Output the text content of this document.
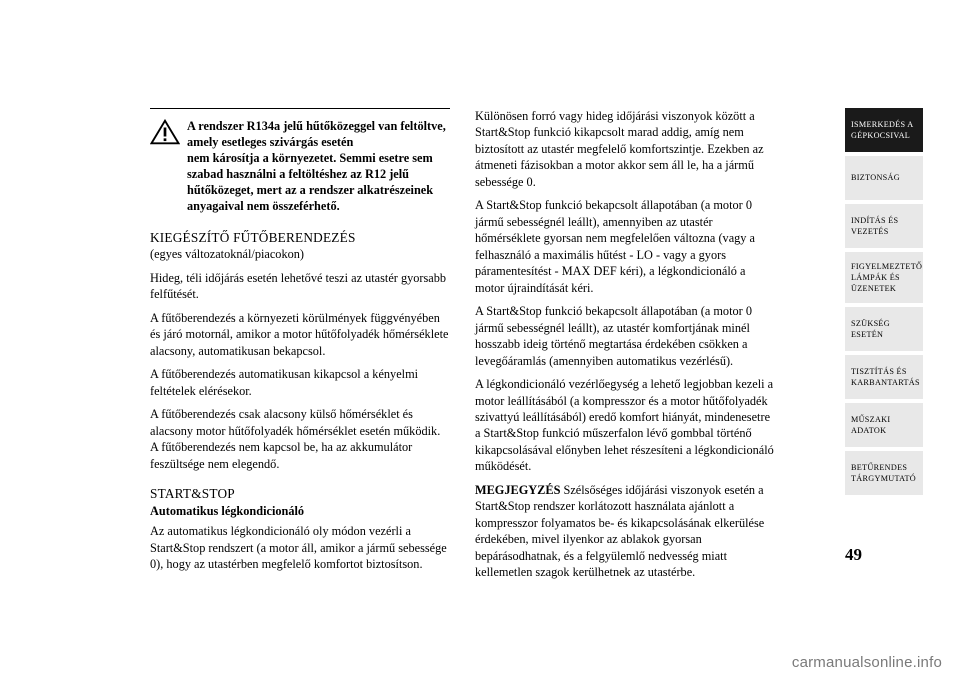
A rendszer R134a jelű hűtőközeggel van feltöltve, amely esetleges szivárgás esetén
nem károsítja a környezetet. Semmi esetre sem szabad használni a feltöltéshez az R12 jelű hűtőközeget, mert az a rendszer alkatrészeinek anyagaival nem összeférhető.
KIEGÉSZÍTŐ FŰTŐBERENDEZÉS

(egyes változatoknál/piacokon)

Hideg, téli időjárás esetén lehetővé teszi az utastér gyorsabb felfűtését.

A fűtőberendezés a környezeti körülmények függvényében és járó motornál, amikor a motor hűtőfolyadék hőmérséklete alacsony, automatikusan bekapcsol.

A fűtőberendezés automatikusan kikapcsol a kényelmi feltételek elérésekor.

A fűtőberendezés csak alacsony külső hőmérséklet és alacsony motor hűtőfolyadék hőmérséklet esetén működik. A fűtőberendezés nem kapcsol be, ha az akkumulátor feszültsége nem elegendő.

START&STOP
Automatikus légkondicionáló

Az automatikus légkondicionáló oly módon vezérli a Start&Stop rendszert (a motor áll, amikor a jármű sebessége 0), hogy az utastérben megfelelő komfortot biztosítson.

Különösen forró vagy hideg időjárási viszonyok között a Start&Stop funkció kikapcsolt marad addig, amíg nem biztosított az utastér megfelelő komfortszintje. Ezekben az átmeneti fázisokban a motor akkor sem áll le, ha a jármű sebessége 0.

A Start&Stop funkció bekapcsolt állapotában (a motor 0 jármű sebességnél leállt), amennyiben az utastér hőmérséklete gyorsan nem megfelelően változna (vagy a felhasználó a maximális hűtést - LO - vagy a gyors páramentesítést - MAX DEF kéri), a légkondicionáló a motor újraindítását kéri.

A Start&Stop funkció bekapcsolt állapotában (a motor 0 jármű sebességnél leállt), az utastér komfortjának minél hosszabb ideig történő megtartása érdekében csökken a levegőáramlás (amennyiben automatikus vezérlésű).

A légkondicionáló vezérlőegység a lehető legjobban kezeli a motor leállításából (a kompresszor és a motor hűtőfolyadék szivattyú leállításából) eredő komfort hiányát, mindenesetre a Start&Stop funkció műszerfalon lévő gombbal történő kikapcsolásával előnyben lehet részesíteni a légkondicionáló működését.

MEGJEGYZÉS Szélsőséges időjárási viszonyok esetén a Start&Stop rendszer korlátozott használata ajánlott a kompresszor folyamatos be- és kikapcsolásának elkerülése érdekében, mivel ilyenkor az ablakok gyorsan bepárásodhatnak, és a felgyülemlő nedvesség miatt kellemetlen szagok kerülhetnek az utastérbe.

ISMERKEDÉS A
GÉPKOCSIVAL
BIZTONSÁG
INDÍTÁS ÉS
VEZETÉS
FIGYELMEZTETŐ
LÁMPÁK ÉS
ÜZENETEK
SZÜKSÉG ESETÉN
TISZTÍTÁS ÉS
KARBANTARTÁS
MŰSZAKI ADATOK
BETŰRENDES
TÁRGYMUTATÓ
49
carmanualsonline.info
